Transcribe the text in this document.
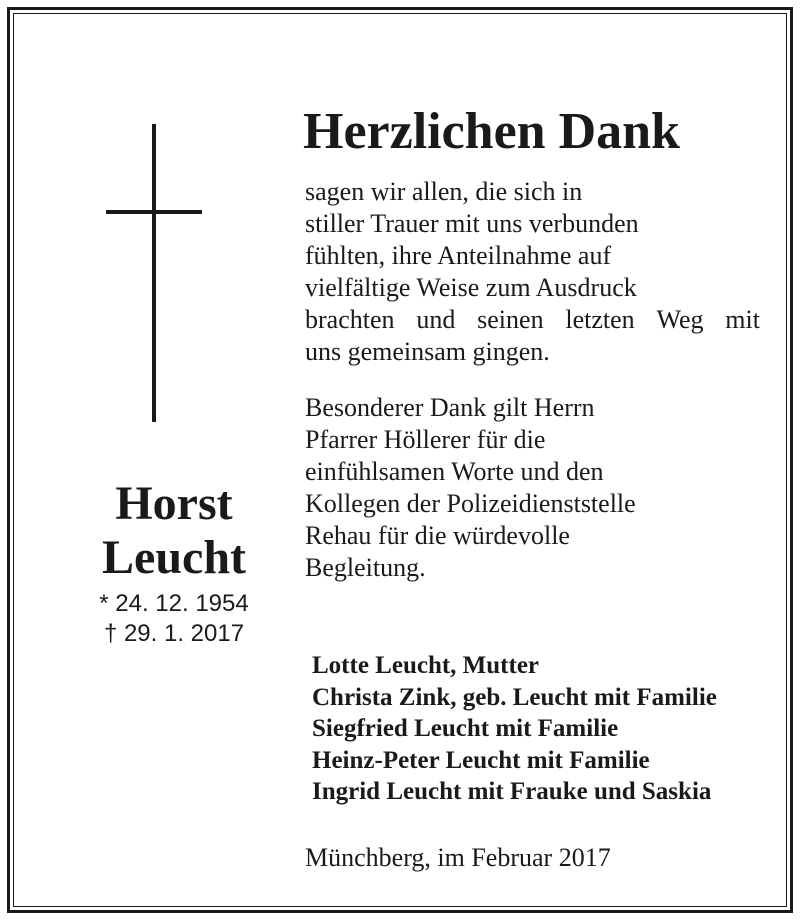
Horst
Leucht
* 24. 12. 1954
† 29. 1. 2017
Herzlichen Dank
sagen wir allen, die sich in
stiller Trauer mit uns verbunden
fühlten, ihre Anteilnahme auf
vielfältige Weise zum Ausdruck
brachten und seinen letzten Weg mit
uns gemeinsam gingen.
Besonderer Dank gilt Herrn
Pfarrer Höllerer für die
einfühlsamen Worte und den
Kollegen der Polizeidienststelle
Rehau für die würdevolle
Begleitung.
Lotte Leucht, Mutter
Christa Zink, geb. Leucht mit Familie
Siegfried Leucht mit Familie
Heinz-Peter Leucht mit Familie
Ingrid Leucht mit Frauke und Saskia
Münchberg, im Februar 2017
